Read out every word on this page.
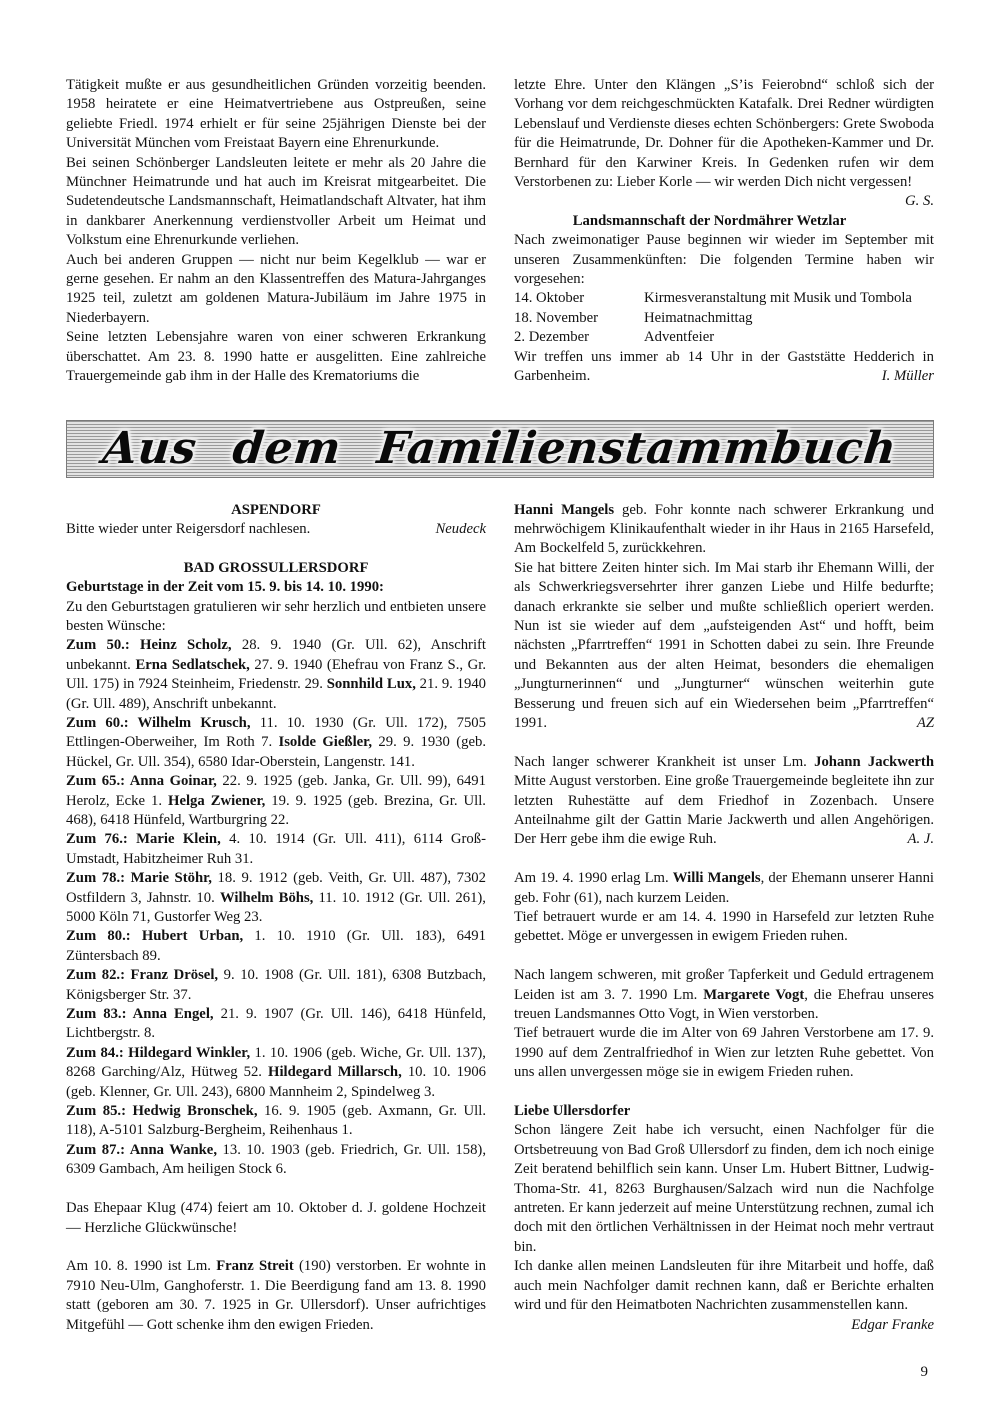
Tätigkeit mußte er aus gesundheitlichen Gründen vorzeitig beenden. 1958 heiratete er eine Heimatvertriebene aus Ostpreußen, seine geliebte Friedl. 1974 erhielt er für seine 25jährigen Dienste bei der Universität München vom Freistaat Bayern eine Ehrenurkunde.

Bei seinen Schönberger Landsleuten leitete er mehr als 20 Jahre die Münchner Heimatrunde und hat auch im Kreisrat mitgearbeitet. Die Sudetendeutsche Landsmannschaft, Heimatlandschaft Altvater, hat ihm in dankbarer Anerkennung verdienstvoller Arbeit um Heimat und Volkstum eine Ehrenurkunde verliehen.

Auch bei anderen Gruppen — nicht nur beim Kegelklub — war er gerne gesehen. Er nahm an den Klassentreffen des Matura-Jahrganges 1925 teil, zuletzt am goldenen Matura-Jubiläum im Jahre 1975 in Niederbayern.

Seine letzten Lebensjahre waren von einer schweren Erkrankung überschattet. Am 23. 8. 1990 hatte er ausgelitten. Eine zahlreiche Trauergemeinde gab ihm in der Halle des Krematoriums die

letzte Ehre. Unter den Klängen „S’is Feierobnd“ schloß sich der Vorhang vor dem reichgeschmückten Katafalk. Drei Redner würdigten Lebenslauf und Verdienste dieses echten Schönbergers: Grete Swoboda für die Heimatrunde, Dr. Dohner für die Apotheken-Kammer und Dr. Bernhard für den Karwiner Kreis. In Gedenken rufen wir dem Verstorbenen zu: Lieber Korle — wir werden Dich nicht vergessen!
G. S.

Landsmannschaft der Nordmährer Wetzlar

Nach zweimonatiger Pause beginnen wir wieder im September mit unseren Zusammenkünften: Die folgenden Termine haben wir vorgesehen:

14. Oktober	Kirmesveranstaltung mit Musik und Tombola
18. November	Heimatnachmittag
2. Dezember	Adventfeier

Wir treffen uns immer ab 14 Uhr in der Gaststätte Hedderich in Garbenheim.	I. Müller

Aus dem Familienstammbuch

ASPENDORF

Bitte wieder unter Reigersdorf nachlesen.	Neudeck

BAD GROSSULLERSDORF

Geburtstage in der Zeit vom 15. 9. bis 14. 10. 1990:

Zu den Geburtstagen gratulieren wir sehr herzlich und entbieten unsere besten Wünsche:

Zum 50.: Heinz Scholz, 28. 9. 1940 (Gr. Ull. 62), Anschrift unbekannt. Erna Sedlatschek, 27. 9. 1940 (Ehefrau von Franz S., Gr. Ull. 175) in 7924 Steinheim, Friedenstr. 29. Sonnhild Lux, 21. 9. 1940 (Gr. Ull. 489), Anschrift unbekannt.

Zum 60.: Wilhelm Krusch, 11. 10. 1930 (Gr. Ull. 172), 7505 Ettlingen-Oberweiher, Im Roth 7. Isolde Gießler, 29. 9. 1930 (geb. Hückel, Gr. Ull. 354), 6580 Idar-Oberstein, Langenstr. 141.

Zum 65.: Anna Goinar, 22. 9. 1925 (geb. Janka, Gr. Ull. 99), 6491 Herolz, Ecke 1. Helga Zwiener, 19. 9. 1925 (geb. Brezina, Gr. Ull. 468), 6418 Hünfeld, Wartburgring 22.

Zum 76.: Marie Klein, 4. 10. 1914 (Gr. Ull. 411), 6114 Groß-Umstadt, Habitzheimer Ruh 31.

Zum 78.: Marie Stöhr, 18. 9. 1912 (geb. Veith, Gr. Ull. 487), 7302 Ostfildern 3, Jahnstr. 10. Wilhelm Böhs, 11. 10. 1912 (Gr. Ull. 261), 5000 Köln 71, Gustorfer Weg 23.

Zum 80.: Hubert Urban, 1. 10. 1910 (Gr. Ull. 183), 6491 Züntersbach 89.

Zum 82.: Franz Drösel, 9. 10. 1908 (Gr. Ull. 181), 6308 Butzbach, Königsberger Str. 37.

Zum 83.: Anna Engel, 21. 9. 1907 (Gr. Ull. 146), 6418 Hünfeld, Lichtbergstr. 8.

Zum 84.: Hildegard Winkler, 1. 10. 1906 (geb. Wiche, Gr. Ull. 137), 8268 Garching/Alz, Hütweg 52. Hildegard Millarsch, 10. 10. 1906 (geb. Klenner, Gr. Ull. 243), 6800 Mannheim 2, Spindelweg 3.

Zum 85.: Hedwig Bronschek, 16. 9. 1905 (geb. Axmann, Gr. Ull. 118), A-5101 Salzburg-Bergheim, Reihenhaus 1.

Zum 87.: Anna Wanke, 13. 10. 1903 (geb. Friedrich, Gr. Ull. 158), 6309 Gambach, Am heiligen Stock 6.

Das Ehepaar Klug (474) feiert am 10. Oktober d. J. goldene Hochzeit — Herzliche Glückwünsche!

Am 10. 8. 1990 ist Lm. Franz Streit (190) verstorben. Er wohnte in 7910 Neu-Ulm, Ganghoferstr. 1. Die Beerdigung fand am 13. 8. 1990 statt (geboren am 30. 7. 1925 in Gr. Ullersdorf). Unser aufrichtiges Mitgefühl — Gott schenke ihm den ewigen Frieden.

Hanni Mangels geb. Fohr konnte nach schwerer Erkrankung und mehrwöchigem Klinikaufenthalt wieder in ihr Haus in 2165 Harsefeld, Am Bockelfeld 5, zurückkehren.

Sie hat bittere Zeiten hinter sich. Im Mai starb ihr Ehemann Willi, der als Schwerkriegsversehrter ihrer ganzen Liebe und Hilfe bedurfte; danach erkrankte sie selber und mußte schließlich operiert werden. Nun ist sie wieder auf dem „aufsteigenden Ast“ und hofft, beim nächsten „Pfarrtreffen“ 1991 in Schotten dabei zu sein. Ihre Freunde und Bekannten aus der alten Heimat, besonders die ehemaligen „Jungturnerinnen“ und „Jungturner“ wünschen weiterhin gute Besserung und freuen sich auf ein Wiedersehen beim „Pfarrtreffen“ 1991.	AZ

Nach langer schwerer Krankheit ist unser Lm. Johann Jackwerth Mitte August verstorben. Eine große Trauergemeinde begleitete ihn zur letzten Ruhestätte auf dem Friedhof in Zozenbach. Unsere Anteilnahme gilt der Gattin Marie Jackwerth und allen Angehörigen. Der Herr gebe ihm die ewige Ruh.	A. J.

Am 19. 4. 1990 erlag Lm. Willi Mangels, der Ehemann unserer Hanni geb. Fohr (61), nach kurzem Leiden.

Tief betrauert wurde er am 14. 4. 1990 in Harsefeld zur letzten Ruhe gebettet. Möge er unvergessen in ewigem Frieden ruhen.

Nach langem schweren, mit großer Tapferkeit und Geduld ertragenem Leiden ist am 3. 7. 1990 Lm. Margarete Vogt, die Ehefrau unseres treuen Landsmannes Otto Vogt, in Wien verstorben.

Tief betrauert wurde die im Alter von 69 Jahren Verstorbene am 17. 9. 1990 auf dem Zentralfriedhof in Wien zur letzten Ruhe gebettet. Von uns allen unvergessen möge sie in ewigem Frieden ruhen.

Liebe Ullersdorfer

Schon längere Zeit habe ich versucht, einen Nachfolger für die Ortsbetreuung von Bad Groß Ullersdorf zu finden, dem ich noch einige Zeit beratend behilflich sein kann. Unser Lm. Hubert Bittner, Ludwig-Thoma-Str. 41, 8263 Burghausen/Salzach wird nun die Nachfolge antreten. Er kann jederzeit auf meine Unterstützung rechnen, zumal ich doch mit den örtlichen Verhältnissen in der Heimat noch mehr vertraut bin.

Ich danke allen meinen Landsleuten für ihre Mitarbeit und hoffe, daß auch mein Nachfolger damit rechnen kann, daß er Berichte erhalten wird und für den Heimatboten Nachrichten zusammenstellen kann.
Edgar Franke

9
